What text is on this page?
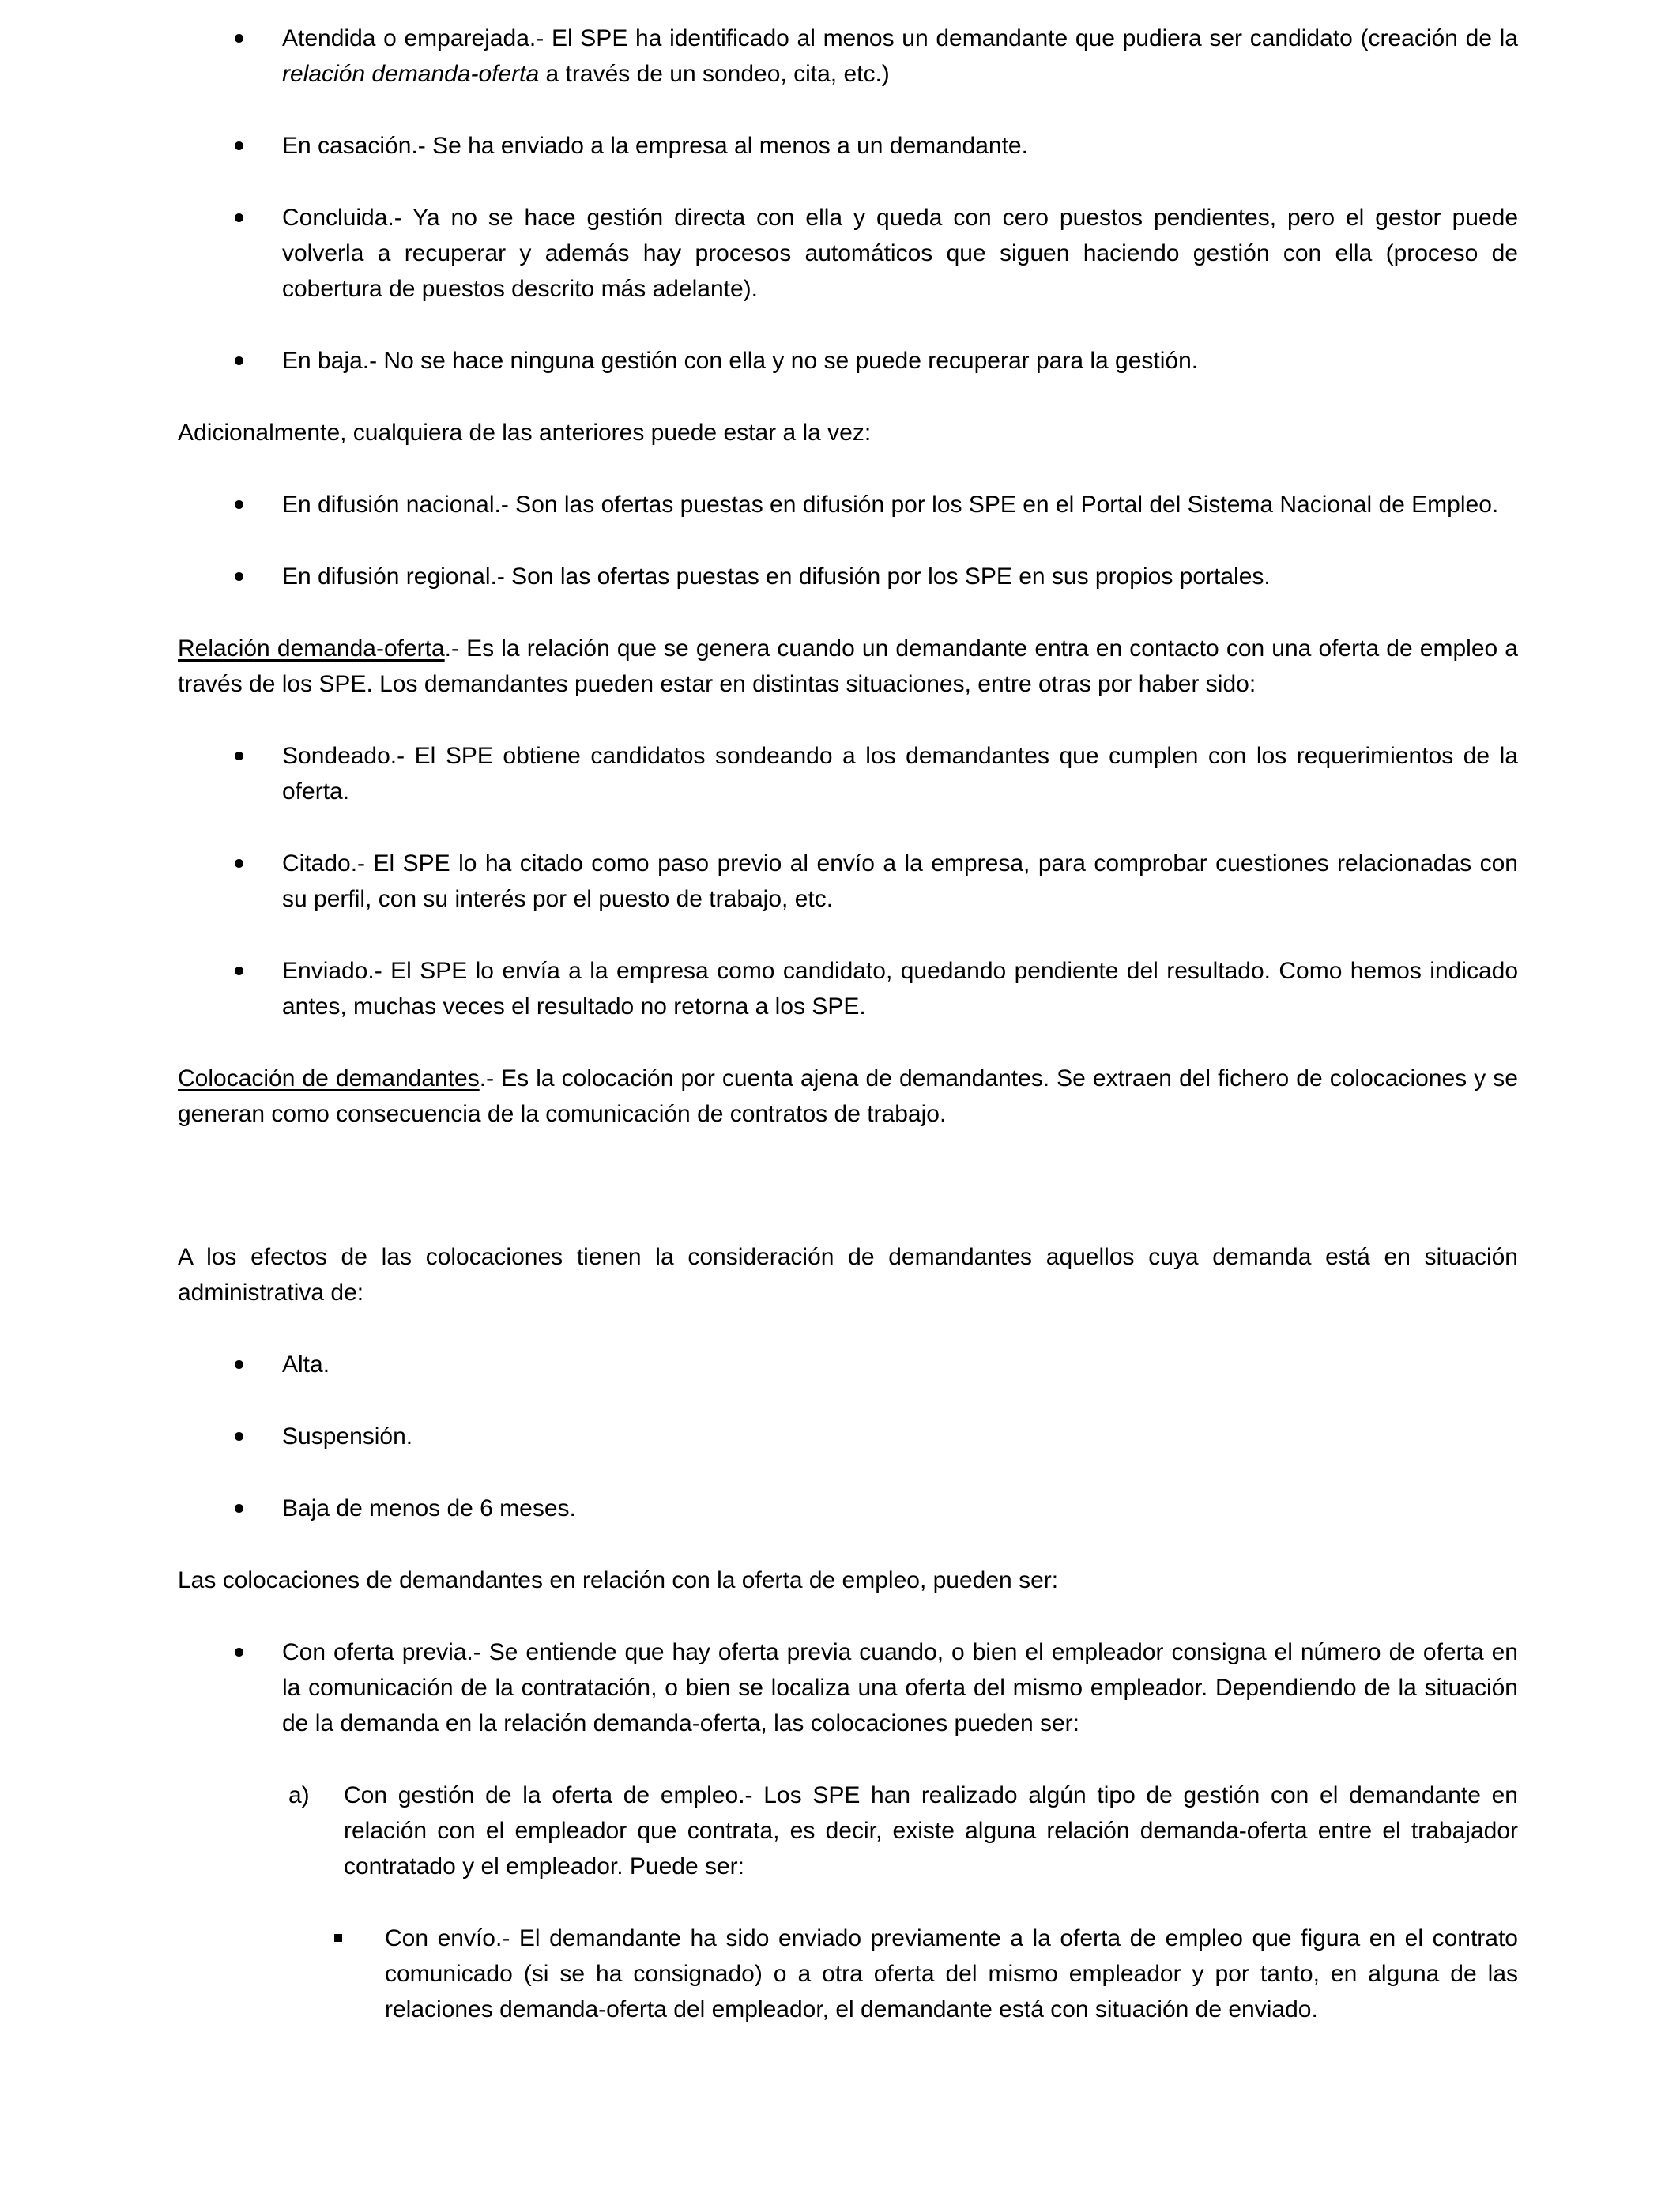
Atendida o emparejada.- El SPE ha identificado al menos un demandante que pudiera ser candidato (creación de la relación demanda-oferta a través de un sondeo, cita, etc.)
En casación.- Se ha enviado a la empresa al menos a un demandante.
Concluida.- Ya no se hace gestión directa con ella y queda con cero puestos pendientes, pero el gestor puede volverla a recuperar y además hay procesos automáticos que siguen haciendo gestión con ella (proceso de cobertura de puestos descrito más adelante).
En baja.- No se hace ninguna gestión con ella y no se puede recuperar para la gestión.

Adicionalmente, cualquiera de las anteriores puede estar a la vez:

En difusión nacional.- Son las ofertas puestas en difusión por los SPE en el Portal del Sistema Nacional de Empleo.
En difusión regional.- Son las ofertas puestas en difusión por los SPE en sus propios portales.

Relación demanda-oferta.- Es la relación que se genera cuando un demandante entra en contacto con una oferta de empleo a través de los SPE. Los demandantes pueden estar en distintas situaciones, entre otras por haber sido:

Sondeado.- El SPE obtiene candidatos sondeando a los demandantes que cumplen con los requerimientos de la oferta.
Citado.- El SPE lo ha citado como paso previo al envío a la empresa, para comprobar cuestiones relacionadas con su perfil, con su interés por el puesto de trabajo, etc.
Enviado.- El SPE lo envía a la empresa como candidato, quedando pendiente del resultado. Como hemos indicado antes, muchas veces el resultado no retorna a los SPE.

Colocación de demandantes.- Es la colocación por cuenta ajena de demandantes. Se extraen del fichero de colocaciones y se generan como consecuencia de la comunicación de contratos de trabajo.

A los efectos de las colocaciones tienen la consideración de demandantes aquellos cuya demanda está en situación administrativa de:

Alta.
Suspensión.
Baja de menos de 6 meses.

Las colocaciones de demandantes en relación con la oferta de empleo, pueden ser:

Con oferta previa.- Se entiende que hay oferta previa cuando, o bien el empleador consigna el número de oferta en la comunicación de la contratación, o bien se localiza una oferta del mismo empleador. Dependiendo de la situación de la demanda en la relación demanda-oferta, las colocaciones pueden ser:
a) Con gestión de la oferta de empleo.- Los SPE han realizado algún tipo de gestión con el demandante en relación con el empleador que contrata, es decir, existe alguna relación demanda-oferta entre el trabajador contratado y el empleador. Puede ser:
Con envío.- El demandante ha sido enviado previamente a la oferta de empleo que figura en el contrato comunicado (si se ha consignado) o a otra oferta del mismo empleador y por tanto, en alguna de las relaciones demanda-oferta del empleador, el demandante está con situación de enviado.
